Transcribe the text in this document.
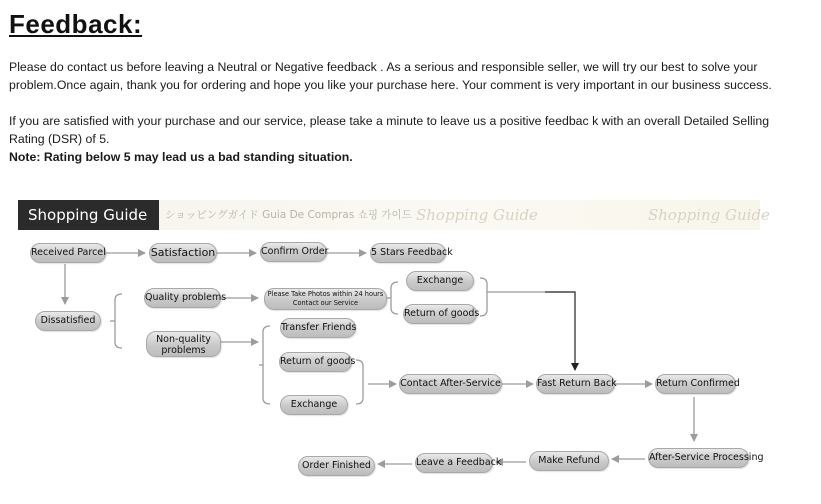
Feedback:

Please do contact us before leaving a Neutral or Negative feedback . As a serious and responsible seller, we will try our best to solve your problem.Once again, thank you for ordering and hope you like your purchase here. Your comment is very important in our business success.

If you are satisfied with your purchase and our service, please take a minute to leave us a positive feedbac k with an overall Detailed Selling Rating (DSR) of 5.

Note: Rating below 5 may lead us a bad standing situation.

Shopping Guide	ショッピングガイド Guia De Compras 쇼핑 가이드 Shopping Guide	Shopping Guide
Received Parcel	Satisfaction	Confirm Order	5 Stars Feedback
Dissatisfied
Quality problems	Please Take Photos within 24 hours
Contact our Service
Exchange
Return of goods
Non-quality
problems
Transfer Friends
Return of goods
Exchange
Contact After-Service	Fast Return Back	Return Confirmed
After-Service Processing
Make Refund
Leave a Feedback
Order Finished
